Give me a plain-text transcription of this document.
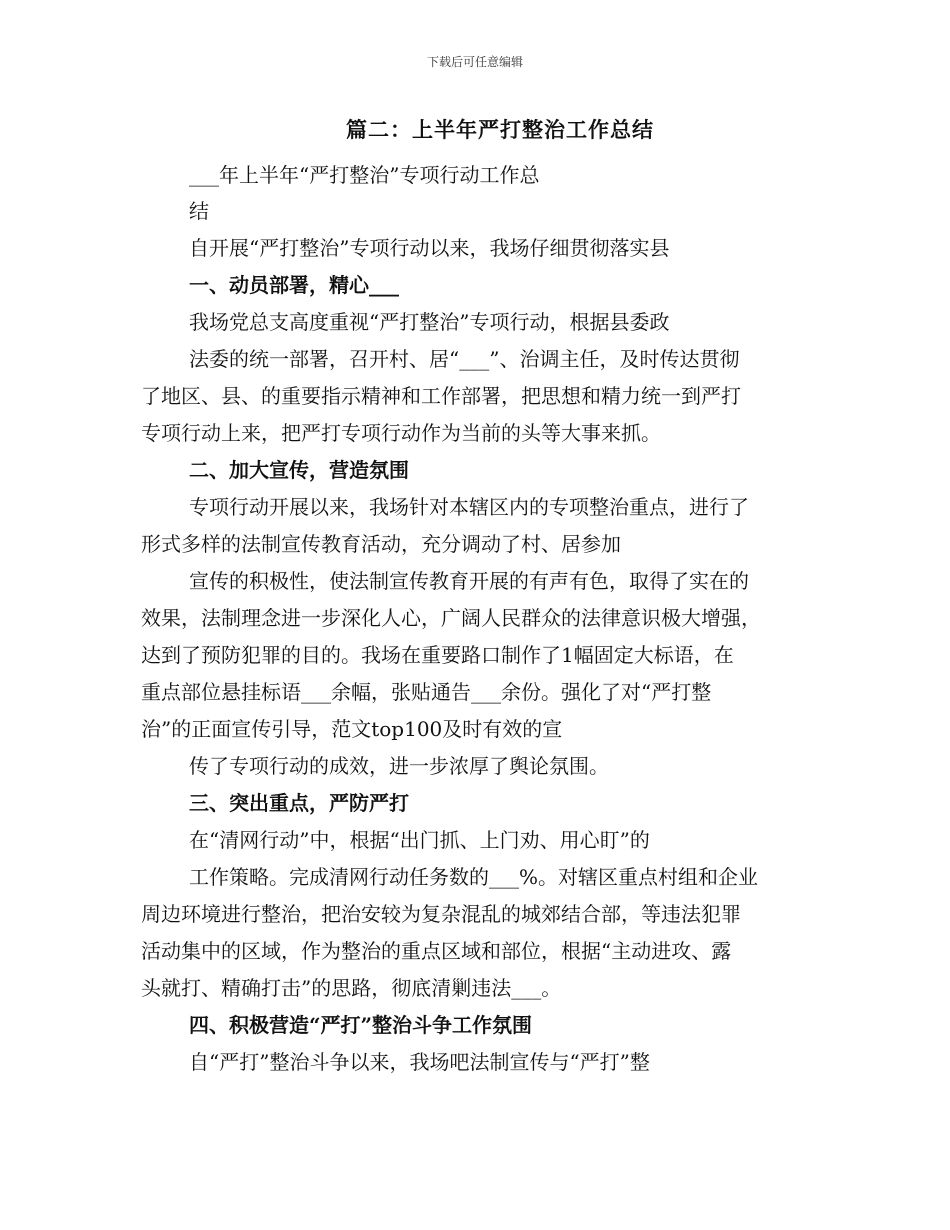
下载后可任意编辑
篇二：上半年严打整治工作总结
___年上半年“严打整治”专项行动工作总
结
自开展“严打整治”专项行动以来，我场仔细贯彻落实县
一、动员部署，精心___
我场党总支高度重视“严打整治”专项行动，根据县委政
法委的统一部署，召开村、居“___”、治调主任，及时传达贯彻
了地区、县、的重要指示精神和工作部署，把思想和精力统一到严打
专项行动上来，把严打专项行动作为当前的头等大事来抓。
二、加大宣传，营造氛围
专项行动开展以来，我场针对本辖区内的专项整治重点，进行了
形式多样的法制宣传教育活动，充分调动了村、居参加
宣传的积极性，使法制宣传教育开展的有声有色，取得了实在的
效果，法制理念进一步深化人心，广阔人民群众的法律意识极大增强，
达到了预防犯罪的目的。我场在重要路口制作了1幅固定大标语，在
重点部位悬挂标语___余幅，张贴通告___余份。强化了对“严打整
治”的正面宣传引导，范文top100及时有效的宣
传了专项行动的成效，进一步浓厚了舆论氛围。
三、突出重点，严防严打
在“清网行动”中，根据“出门抓、上门劝、用心盯”的
工作策略。完成清网行动任务数的___%。对辖区重点村组和企业
周边环境进行整治，把治安较为复杂混乱的城郊结合部，等违法犯罪
活动集中的区域，作为整治的重点区域和部位，根据“主动进攻、露
头就打、精确打击”的思路，彻底清剿违法___。
四、积极营造“严打”整治斗争工作氛围
自“严打”整治斗争以来，我场吧法制宣传与“严打”整
